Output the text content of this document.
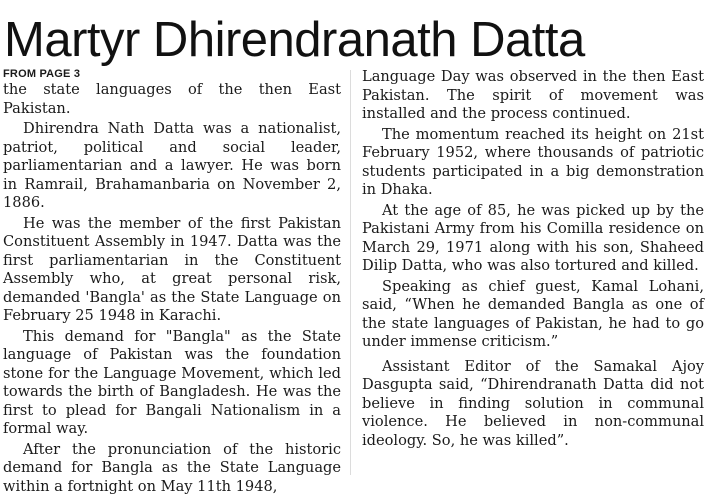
Martyr Dhirendranath Datta
FROM PAGE 3

the state languages of the then East Pakistan.

Dhirendra Nath Datta was a nationalist, patriot, political and social leader, parliamentarian and a lawyer. He was born in Ramrail, Brahamanbaria on November 2, 1886.

He was the member of the first Pakistan Constituent Assembly in 1947. Datta was the first parliamentarian in the Constituent Assembly who, at great personal risk, demanded 'Bangla' as the State Language on February 25 1948 in Karachi.

This demand for "Bangla" as the State language of Pakistan was the foundation stone for the Language Movement, which led towards the birth of Bangladesh. He was the first to plead for Bangali Nationalism in a formal way.

After the pronunciation of the historic demand for Bangla as the State Language within a fortnight on May 11th 1948,

Language Day was observed in the then East Pakistan. The spirit of movement was installed and the process continued.

The momentum reached its height on 21st February 1952, where thousands of patriotic students participated in a big demonstration in Dhaka.

At the age of 85, he was picked up by the Pakistani Army from his Comilla residence on March 29, 1971 along with his son, Shaheed Dilip Datta, who was also tortured and killed.

Speaking as chief guest, Kamal Lohani, said, “When he demanded Bangla as one of the state languages of Pakistan, he had to go under immense criticism.”

Assistant Editor of the Samakal Ajoy Dasgupta said, “Dhirendranath Datta did not believe in finding solution in communal violence. He believed in non-communal ideology. So, he was killed”.
